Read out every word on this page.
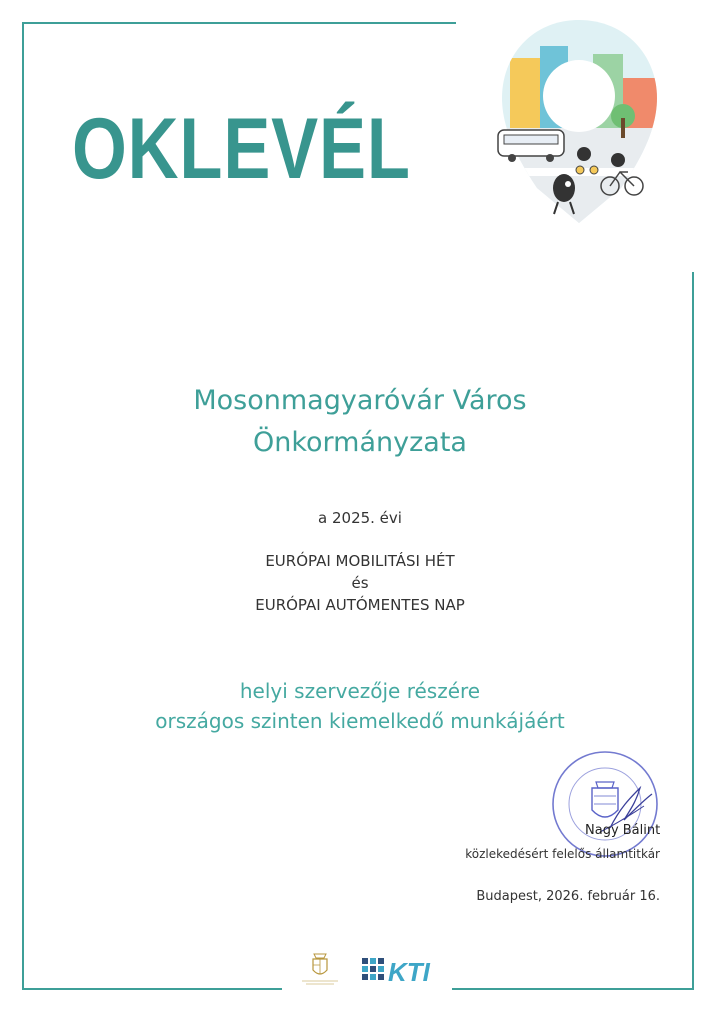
OKLEVÉL
Mosonmagyaróvár Város
Önkormányzata
a 2025. évi
EURÓPAI MOBILITÁSI HÉT
és
EURÓPAI AUTÓMENTES NAP
helyi szervezője részére
országos szinten kiemelkedő munkájáért
Nagy Bálint
közlekedésért felelős államtitkár
Budapest, 2026. február 16.
KTI
